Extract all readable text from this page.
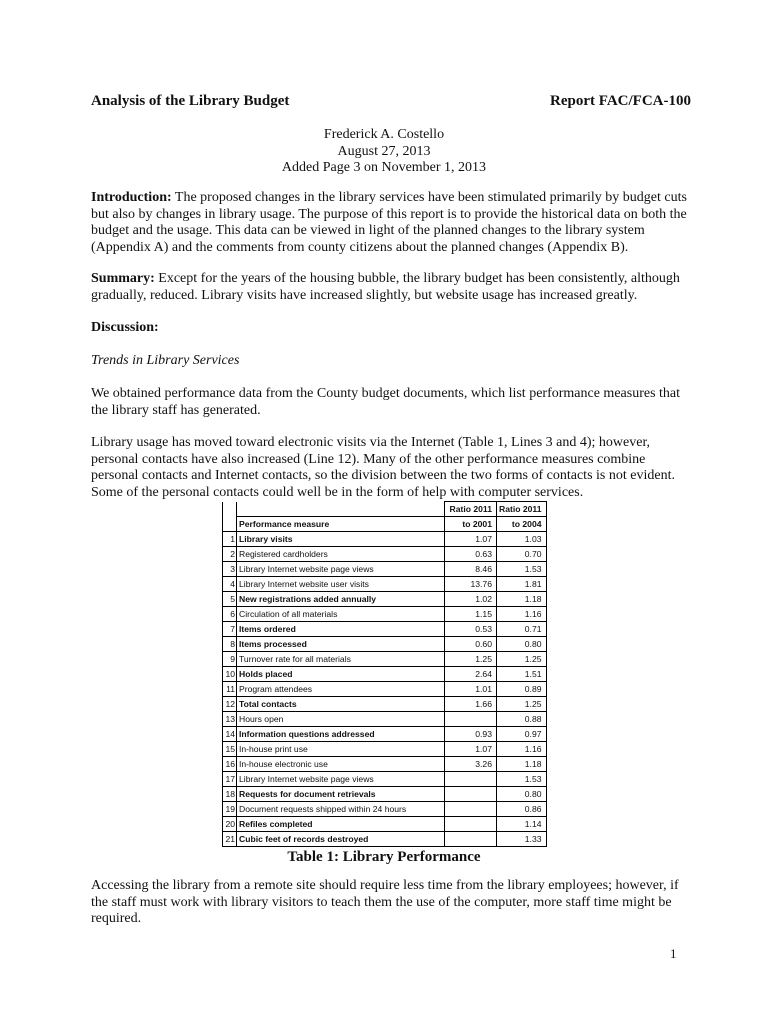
Analysis of the Library Budget	Report FAC/FCA-100
Frederick A. Costello
August 27, 2013
Added Page 3 on November 1, 2013

Introduction: The proposed changes in the library services have been stimulated primarily by budget cuts but also by changes in library usage. The purpose of this report is to provide the historical data on both the budget and the usage. This data can be viewed in light of the planned changes to the library system (Appendix A) and the comments from county citizens about the planned changes (Appendix B).

Summary: Except for the years of the housing bubble, the library budget has been consistently, although gradually, reduced. Library visits have increased slightly, but website usage has increased greatly.

Discussion:

Trends in Library Services

We obtained performance data from the County budget documents, which list performance measures that the library staff has generated.

Library usage has moved toward electronic visits via the Internet (Table 1, Lines 3 and 4); however, personal contacts have also increased (Line 12). Many of the other performance measures combine personal contacts and Internet contacts, so the division between the two forms of contacts is not evident. Some of the personal contacts could well be in the form of help with computer services.

		Ratio 2011	Ratio 2011
	Performance measure	to 2001	to 2004
1	Library visits	1.07	1.03
2	Registered cardholders	0.63	0.70
3	Library Internet website page views	8.46	1.53
4	Library Internet website user visits	13.76	1.81
5	New registrations added annually	1.02	1.18
6	Circulation of all materials	1.15	1.16
7	Items ordered	0.53	0.71
8	Items processed	0.60	0.80
9	Turnover rate for all materials	1.25	1.25
10	Holds placed	2.64	1.51
11	Program attendees	1.01	0.89
12	Total contacts	1.66	1.25
13	Hours open		0.88
14	Information questions addressed	0.93	0.97
15	In-house print use	1.07	1.16
16	In-house electronic use	3.26	1.18
17	Library Internet website page views		1.53
18	Requests for document retrievals		0.80
19	Document requests shipped within 24 hours		0.86
20	Refiles completed		1.14
21	Cubic feet of records destroyed		1.33
Table 1: Library Performance

Accessing the library from a remote site should require less time from the library employees; however, if the staff must work with library visitors to teach them the use of the computer, more staff time might be required.

1
